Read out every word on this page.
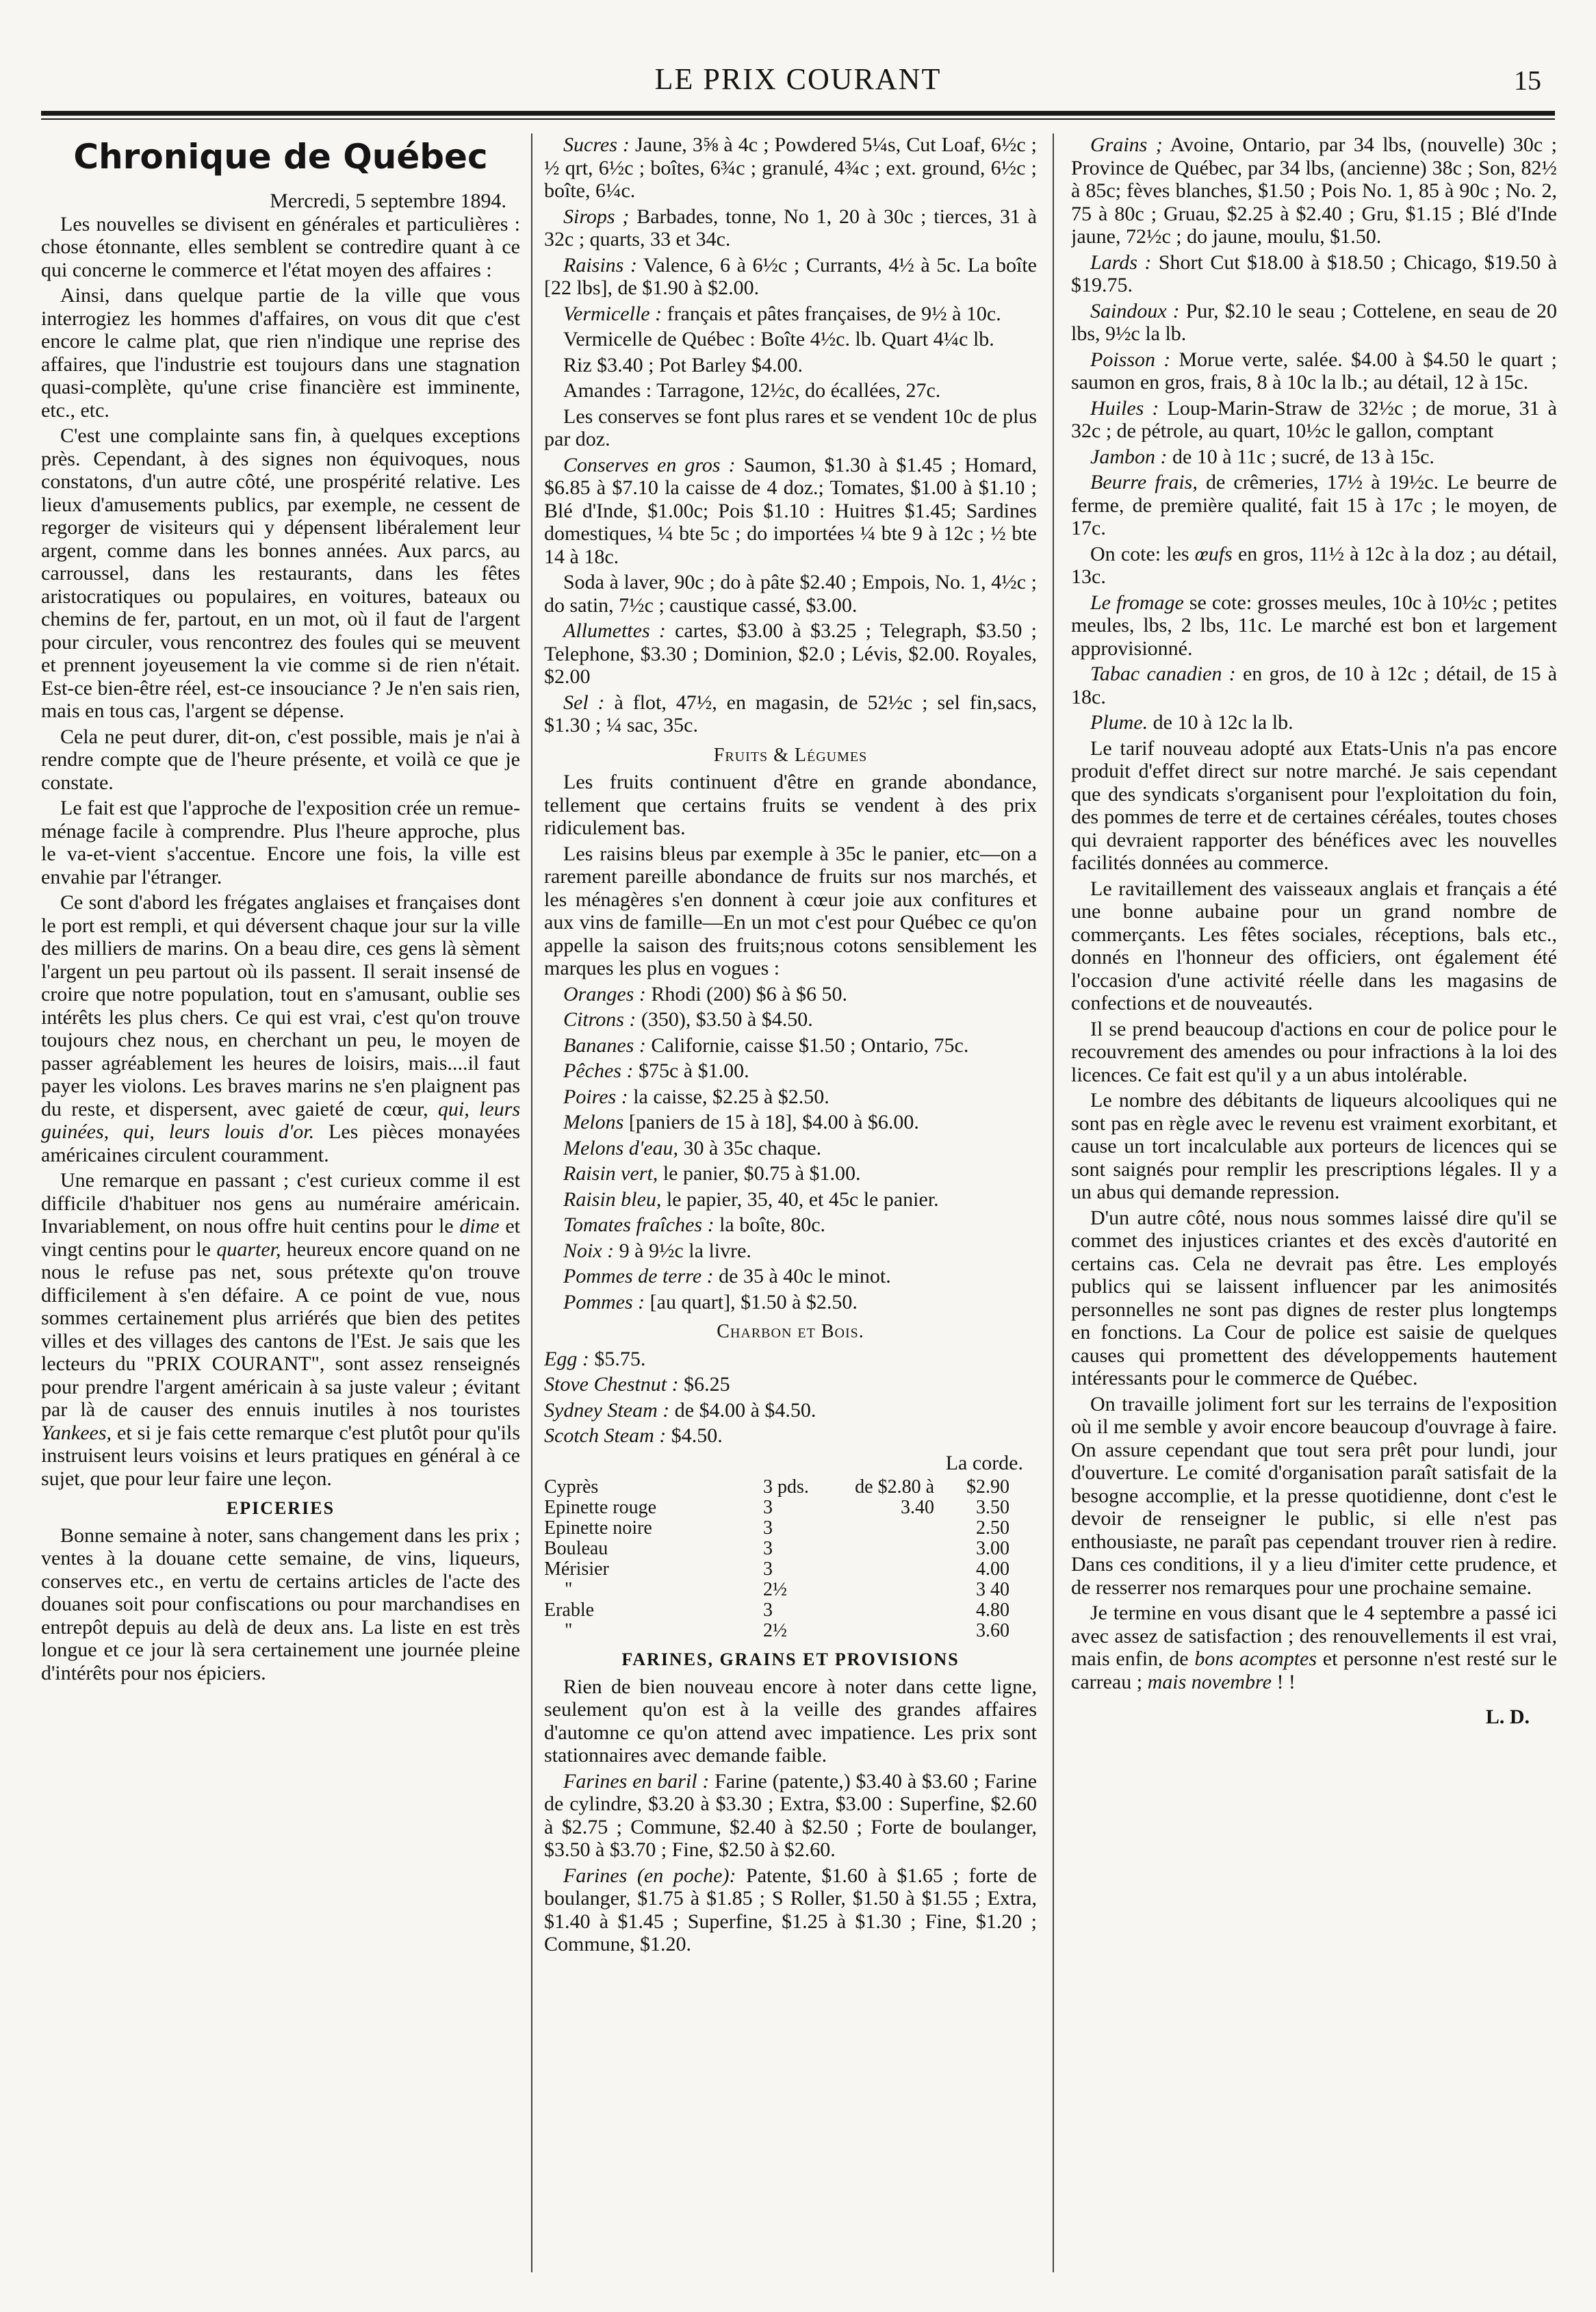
LE PRIX COURANT	15
Chronique de Québec

Mercredi, 5 septembre 1894.

Les nouvelles se divisent en générales et particulières : chose étonnante, elles semblent se contredire quant à ce qui concerne le commerce et l'état moyen des affaires :

Ainsi, dans quelque partie de la ville que vous interrogiez les hommes d'affaires, on vous dit que c'est encore le calme plat, que rien n'indique une reprise des affaires, que l'industrie est toujours dans une stagnation quasi-complète, qu'une crise financière est imminente, etc., etc.

C'est une complainte sans fin, à quelques exceptions près. Cependant, à des signes non équivoques, nous constatons, d'un autre côté, une prospérité relative. Les lieux d'amusements publics, par exemple, ne cessent de regorger de visiteurs qui y dépensent libéralement leur argent, comme dans les bonnes années. Aux parcs, au carroussel, dans les restaurants, dans les fêtes aristocratiques ou populaires, en voitures, bateaux ou chemins de fer, partout, en un mot, où il faut de l'argent pour circuler, vous rencontrez des foules qui se meuvent et prennent joyeusement la vie comme si de rien n'était. Est-ce bien-être réel, est-ce insouciance ? Je n'en sais rien, mais en tous cas, l'argent se dépense.

Cela ne peut durer, dit-on, c'est possible, mais je n'ai à rendre compte que de l'heure présente, et voilà ce que je constate.

Le fait est que l'approche de l'exposition crée un remue-ménage facile à comprendre. Plus l'heure approche, plus le va-et-vient s'accentue. Encore une fois, la ville est envahie par l'étranger.

Ce sont d'abord les frégates anglaises et françaises dont le port est rempli, et qui déversent chaque jour sur la ville des milliers de marins. On a beau dire, ces gens là sèment l'argent un peu partout où ils passent. Il serait insensé de croire que notre population, tout en s'amusant, oublie ses intérêts les plus chers. Ce qui est vrai, c'est qu'on trouve toujours chez nous, en cherchant un peu, le moyen de passer agréablement les heures de loisirs, mais....il faut payer les violons. Les braves marins ne s'en plaignent pas du reste, et dispersent, avec gaieté de cœur, qui, leurs guinées, qui, leurs louis d'or. Les pièces monayées américaines circulent couramment.

Une remarque en passant ; c'est curieux comme il est difficile d'habituer nos gens au numéraire américain. Invariablement, on nous offre huit centins pour le dime et vingt centins pour le quarter, heureux encore quand on ne nous le refuse pas net, sous prétexte qu'on trouve difficilement à s'en défaire. A ce point de vue, nous sommes certainement plus arriérés que bien des petites villes et des villages des cantons de l'Est. Je sais que les lecteurs du "PRIX COURANT", sont assez renseignés pour prendre l'argent américain à sa juste valeur ; évitant par là de causer des ennuis inutiles à nos touristes Yankees, et si je fais cette remarque c'est plutôt pour qu'ils instruisent leurs voisins et leurs pratiques en général à ce sujet, que pour leur faire une leçon.

EPICERIES

Bonne semaine à noter, sans changement dans les prix ; ventes à la douane cette semaine, de vins, liqueurs, conserves etc., en vertu de certains articles de l'acte des douanes soit pour confiscations ou pour marchandises en entrepôt depuis au delà de deux ans. La liste en est très longue et ce jour là sera certainement une journée pleine d'intérêts pour nos épiciers.

Sucres : Jaune, 3⅝ à 4c ; Powdered 5¼s, Cut Loaf, 6½c ; ½ qrt, 6½c ; boîtes, 6¾c ; granulé, 4¾c ; ext. ground, 6½c ; boîte, 6¼c.

Sirops ; Barbades, tonne, No 1, 20 à 30c ; tierces, 31 à 32c ; quarts, 33 et 34c.

Raisins : Valence, 6 à 6½c ; Currants, 4½ à 5c. La boîte [22 lbs], de $1.90 à $2.00.

Vermicelle : français et pâtes françaises, de 9½ à 10c.

Vermicelle de Québec : Boîte 4½c. lb. Quart 4¼c lb.

Riz $3.40 ; Pot Barley $4.00.

Amandes : Tarragone, 12½c, do écallées, 27c.

Les conserves se font plus rares et se vendent 10c de plus par doz.

Conserves en gros : Saumon, $1.30 à $1.45 ; Homard, $6.85 à $7.10 la caisse de 4 doz.; Tomates, $1.00 à $1.10 ; Blé d'Inde, $1.00c; Pois $1.10 : Huitres $1.45; Sardines domestiques, ¼ bte 5c ; do importées ¼ bte 9 à 12c ; ½ bte 14 à 18c.

Soda à laver, 90c ; do à pâte $2.40 ; Empois, No. 1, 4½c ; do satin, 7½c ; caustique cassé, $3.00.

Allumettes : cartes, $3.00 à $3.25 ; Telegraph, $3.50 ; Telephone, $3.30 ; Dominion, $2.0 ; Lévis, $2.00. Royales, $2.00

Sel : à flot, 47½, en magasin, de 52½c ; sel fin,sacs, $1.30 ; ¼ sac, 35c.

Fruits & Légumes

Les fruits continuent d'être en grande abondance, tellement que certains fruits se vendent à des prix ridiculement bas.

Les raisins bleus par exemple à 35c le panier, etc—on a rarement pareille abondance de fruits sur nos marchés, et les ménagères s'en donnent à cœur joie aux confitures et aux vins de famille—En un mot c'est pour Québec ce qu'on appelle la saison des fruits;nous cotons sensiblement les marques les plus en vogues :

Oranges : Rhodi (200) $6 à $6 50.

Citrons : (350), $3.50 à $4.50.

Bananes : Californie, caisse $1.50 ; Ontario, 75c.

Pêches : $75c à $1.00.

Poires : la caisse, $2.25 à $2.50.

Melons [paniers de 15 à 18], $4.00 à $6.00.

Melons d'eau, 30 à 35c chaque.

Raisin vert, le panier, $0.75 à $1.00.

Raisin bleu, le papier, 35, 40, et 45c le panier.

Tomates fraîches : la boîte, 80c.

Noix : 9 à 9½c la livre.

Pommes de terre : de 35 à 40c le minot.

Pommes : [au quart], $1.50 à $2.50.

Charbon et Bois.

Egg : $5.75.

Stove Chestnut : $6.25

Sydney Steam : de $4.00 à $4.50.

Scotch Steam : $4.50.

La corde.
Cyprès	3 pds.	de $2.80 à	$2.90
Epinette rouge	3	3.40	3.50
Epinette noire	3		2.50
Bouleau	3		3.00
Mérisier	3		4.00
"	2½		3 40
Erable	3		4.80
"	2½		3.60
FARINES, GRAINS ET PROVISIONS

Rien de bien nouveau encore à noter dans cette ligne, seulement qu'on est à la veille des grandes affaires d'automne ce qu'on attend avec impatience. Les prix sont stationnaires avec demande faible.

Farines en baril : Farine (patente,) $3.40 à $3.60 ; Farine de cylindre, $3.20 à $3.30 ; Extra, $3.00 : Superfine, $2.60 à $2.75 ; Commune, $2.40 à $2.50 ; Forte de boulanger, $3.50 à $3.70 ; Fine, $2.50 à $2.60.

Farines (en poche): Patente, $1.60 à $1.65 ; forte de boulanger, $1.75 à $1.85 ; S Roller, $1.50 à $1.55 ; Extra, $1.40 à $1.45 ; Superfine, $1.25 à $1.30 ; Fine, $1.20 ; Commune, $1.20.

Grains ; Avoine, Ontario, par 34 lbs, (nouvelle) 30c ; Province de Québec, par 34 lbs, (ancienne) 38c ; Son, 82½ à 85c; fèves blanches, $1.50 ; Pois No. 1, 85 à 90c ; No. 2, 75 à 80c ; Gruau, $2.25 à $2.40 ; Gru, $1.15 ; Blé d'Inde jaune, 72½c ; do jaune, moulu, $1.50.

Lards : Short Cut $18.00 à $18.50 ; Chicago, $19.50 à $19.75.

Saindoux : Pur, $2.10 le seau ; Cottelene, en seau de 20 lbs, 9½c la lb.

Poisson : Morue verte, salée. $4.00 à $4.50 le quart ; saumon en gros, frais, 8 à 10c la lb.; au détail, 12 à 15c.

Huiles : Loup-Marin-Straw de 32½c ; de morue, 31 à 32c ; de pétrole, au quart, 10½c le gallon, comptant

Jambon : de 10 à 11c ; sucré, de 13 à 15c.

Beurre frais, de crêmeries, 17½ à 19½c. Le beurre de ferme, de première qualité, fait 15 à 17c ; le moyen, de 17c.

On cote: les œufs en gros, 11½ à 12c à la doz ; au détail, 13c.

Le fromage se cote: grosses meules, 10c à 10½c ; petites meules, lbs, 2 lbs, 11c. Le marché est bon et largement approvisionné.

Tabac canadien : en gros, de 10 à 12c ; détail, de 15 à 18c.

Plume. de 10 à 12c la lb.

Le tarif nouveau adopté aux Etats-Unis n'a pas encore produit d'effet direct sur notre marché. Je sais cependant que des syndicats s'organisent pour l'exploitation du foin, des pommes de terre et de certaines céréales, toutes choses qui devraient rapporter des bénéfices avec les nouvelles facilités données au commerce.

Le ravitaillement des vaisseaux anglais et français a été une bonne aubaine pour un grand nombre de commerçants. Les fêtes sociales, réceptions, bals etc., donnés en l'honneur des officiers, ont également été l'occasion d'une activité réelle dans les magasins de confections et de nouveautés.

Il se prend beaucoup d'actions en cour de police pour le recouvrement des amendes ou pour infractions à la loi des licences. Ce fait est qu'il y a un abus intolérable.

Le nombre des débitants de liqueurs alcooliques qui ne sont pas en règle avec le revenu est vraiment exorbitant, et cause un tort incalculable aux porteurs de licences qui se sont saignés pour remplir les prescriptions légales. Il y a un abus qui demande repression.

D'un autre côté, nous nous sommes laissé dire qu'il se commet des injustices criantes et des excès d'autorité en certains cas. Cela ne devrait pas être. Les employés publics qui se laissent influencer par les animosités personnelles ne sont pas dignes de rester plus longtemps en fonctions. La Cour de police est saisie de quelques causes qui promettent des développements hautement intéressants pour le commerce de Québec.

On travaille joliment fort sur les terrains de l'exposition où il me semble y avoir encore beaucoup d'ouvrage à faire. On assure cependant que tout sera prêt pour lundi, jour d'ouverture. Le comité d'organisation paraît satisfait de la besogne accomplie, et la presse quotidienne, dont c'est le devoir de renseigner le public, si elle n'est pas enthousiaste, ne paraît pas cependant trouver rien à redire. Dans ces conditions, il y a lieu d'imiter cette prudence, et de resserrer nos remarques pour une prochaine semaine.

Je termine en vous disant que le 4 septembre a passé ici avec assez de satisfaction ; des renouvellements il est vrai, mais enfin, de bons acomptes et personne n'est resté sur le carreau ; mais novembre ! !

L. D.
